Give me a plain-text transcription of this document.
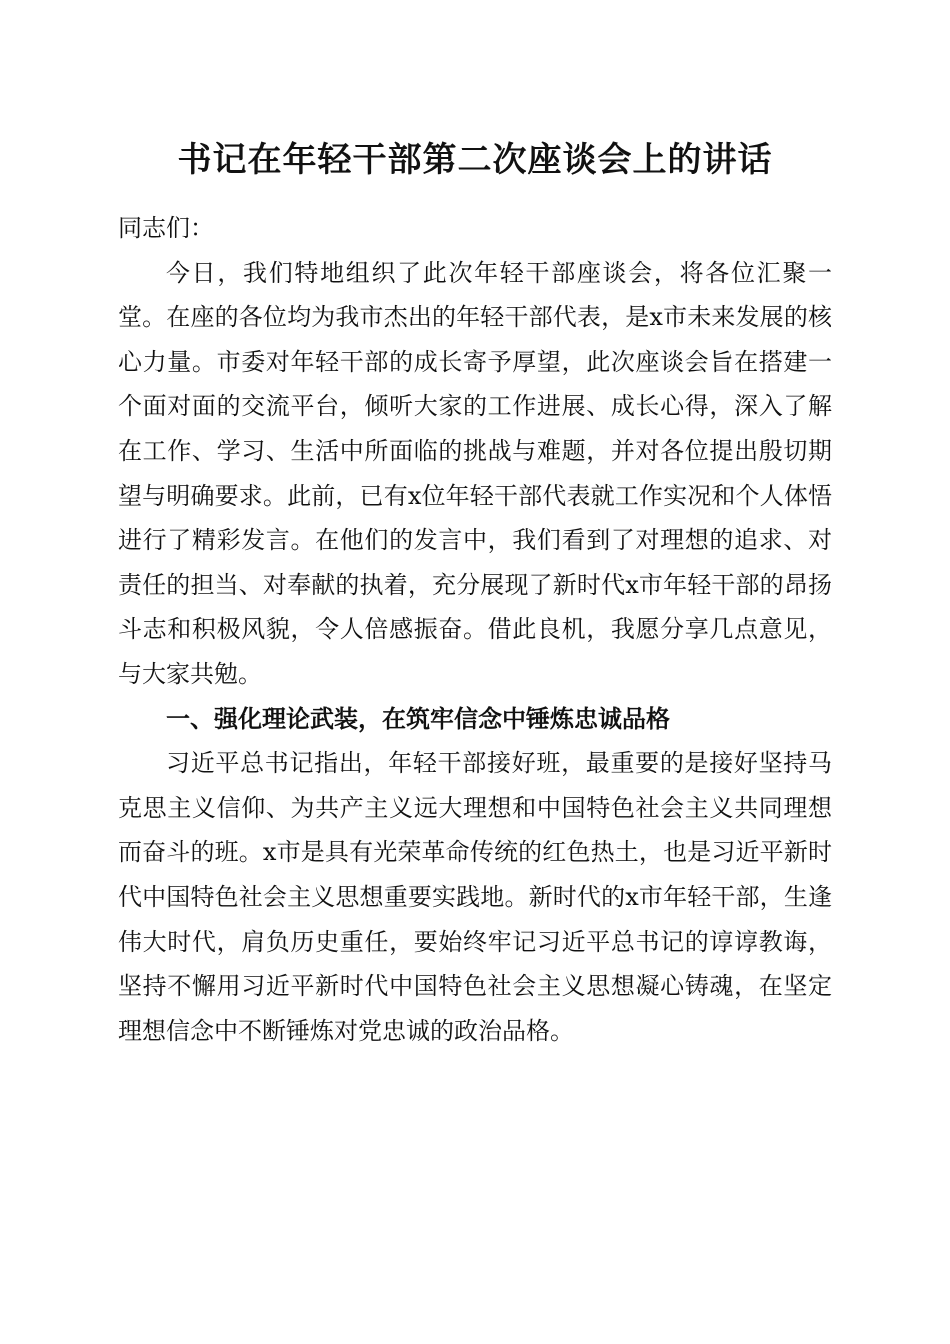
书记在年轻干部第二次座谈会上的讲话

同志们：

今日，我们特地组织了此次年轻干部座谈会，将各位汇聚一堂。在座的各位均为我市杰出的年轻干部代表，是x市未来发展的核心力量。市委对年轻干部的成长寄予厚望，此次座谈会旨在搭建一个面对面的交流平台，倾听大家的工作进展、成长心得，深入了解在工作、学习、生活中所面临的挑战与难题，并对各位提出殷切期望与明确要求。此前，已有x位年轻干部代表就工作实况和个人体悟进行了精彩发言。在他们的发言中，我们看到了对理想的追求、对责任的担当、对奉献的执着，充分展现了新时代x市年轻干部的昂扬斗志和积极风貌，令人倍感振奋。借此良机，我愿分享几点意见，与大家共勉。

一、强化理论武装，在筑牢信念中锤炼忠诚品格

习近平总书记指出，年轻干部接好班，最重要的是接好坚持马克思主义信仰、为共产主义远大理想和中国特色社会主义共同理想而奋斗的班。x市是具有光荣革命传统的红色热土，也是习近平新时代中国特色社会主义思想重要实践地。新时代的x市年轻干部，生逢伟大时代，肩负历史重任，要始终牢记习近平总书记的谆谆教诲，坚持不懈用习近平新时代中国特色社会主义思想凝心铸魂，在坚定理想信念中不断锤炼对党忠诚的政治品格。
